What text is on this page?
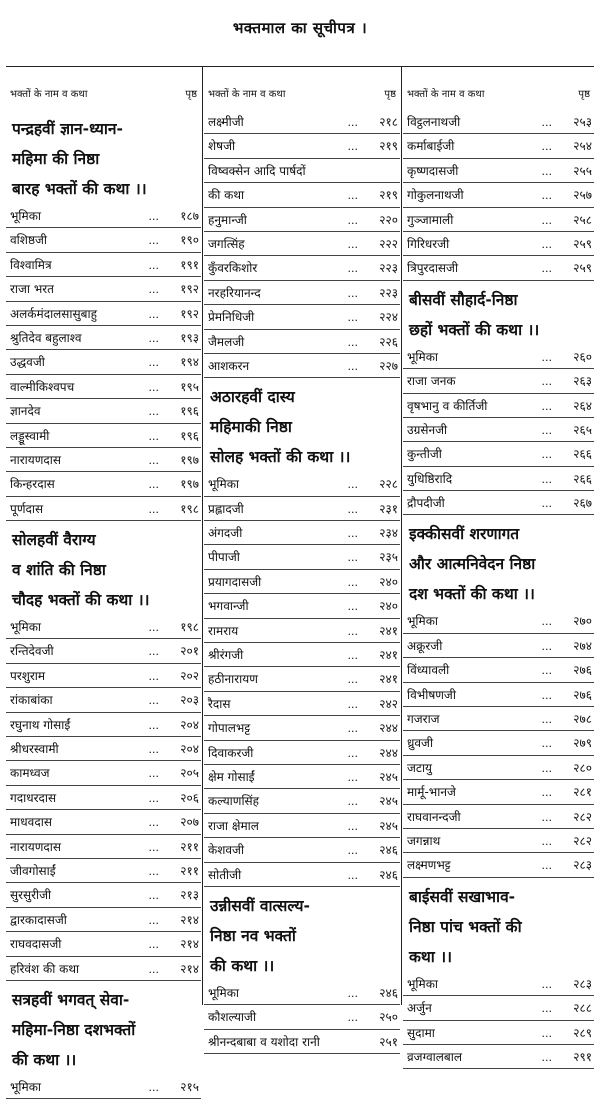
भक्तमाल का सूचीपत्र ।
भक्तों के नाम व कथा	पृष्ठ
पन्द्रहवीं ज्ञान-ध्यान-
महिमा की निष्ठा
बारह भक्तों की कथा ।।
भूमिका	...	१८७
वशिष्ठजी	...	१९०
विश्वामित्र	...	१९१
राजा भरत	...	१९२
अलर्कमंदालसासुबाहु	...	१९२
श्रुतिदेव बहुलाश्व	...	१९३
उद्धवजी	...	१९४
वाल्मीकिश्वपच	...	१९५
ज्ञानदेव	...	१९६
लड्डूस्वामी	...	१९६
नारायणदास	...	१९७
किन्हरदास	...	१९७
पूर्णदास	...	१९८
सोलहवीं वैराग्य
व शांति की निष्ठा
चौदह भक्तों की कथा ।।
भूमिका	...	१९८
रन्तिदेवजी	...	२०१
परशुराम	...	२०२
रांकाबांका	...	२०३
रघुनाथ गोसाईं	...	२०४
श्रीधरस्वामी	...	२०४
कामध्वज	...	२०५
गदाधरदास	...	२०६
माधवदास	...	२०७
नारायणदास	...	२११
जीवगोसाईं	...	२११
सुरसुरीजी	...	२१३
द्वारकादासजी	...	२१४
राघवदासजी	...	२१४
हरिवंश की कथा	...	२१४
सत्रहवीं भगवत् सेवा-
महिमा-निष्ठा दशभक्तों
की कथा ।।
भूमिका	...	२१५
भक्तों के नाम व कथा	पृष्ठ
लक्ष्मीजी	...	२१८
शेषजी	...	२१९
विष्वक्सेन आदि पार्षदों
की कथा	...	२१९
हनुमान्जी	...	२२०
जगत्सिंह	...	२२२
कुँवरकिशोर	...	२२३
नरहरियानन्द	...	२२३
प्रेमनिधिजी	...	२२४
जैमलजी	...	२२६
आशकरन	...	२२७
अठारहवीं दास्य
महिमाकी निष्ठा
सोलह भक्तों की कथा ।।
भूमिका	...	२२८
प्रह्लादजी	...	२३१
अंगदजी	...	२३४
पीपाजी	...	२३५
प्रयागदासजी	...	२४०
भगवान्जी	...	२४०
रामराय	...	२४१
श्रीरंगजी	...	२४१
हठीनारायण	...	२४१
रैदास	...	२४२
गोपालभट्ट	...	२४४
दिवाकरजी	...	२४४
क्षेम गोसाईं	...	२४५
कल्याणसिंह	...	२४५
राजा क्षेमाल	...	२४५
केशवजी	...	२४६
सोतीजी	...	२४६
उन्नीसवीं वात्सल्य-
निष्ठा नव भक्तों
की कथा ।।
भूमिका	...	२४६
कौशल्याजी	...	२५०
श्रीनन्दबाबा व यशोदा रानी	२५१
भक्तों के नाम व कथा	पृष्ठ
विट्ठलनाथजी	...	२५३
कर्माबाईजी	...	२५४
कृष्णदासजी	...	२५५
गोकुलनाथजी	...	२५७
गुञ्जामाली	...	२५८
गिरिधरजी	...	२५९
त्रिपुरदासजी	...	२५९
बीसवीं सौहार्द-निष्ठा
छहों भक्तों की कथा ।।
भूमिका	...	२६०
राजा जनक	...	२६३
वृषभानु व कीर्तिजी	...	२६४
उग्रसेनजी	...	२६५
कुन्तीजी	...	२६६
युधिष्ठिरादि	...	२६६
द्रौपदीजी	...	२६७
इक्कीसवीं शरणागत
और आत्मनिवेदन निष्ठा
दश भक्तों की कथा ।।
भूमिका	...	२७०
अक्रूरजी	...	२७४
विंध्यावली	...	२७६
विभीषणजी	...	२७६
गजराज	...	२७८
ध्रुवजी	...	२७९
जटायु	...	२८०
मार्मू-भानजे	...	२८१
राघवानन्दजी	...	२८२
जगन्नाथ	...	२८२
लक्ष्मणभट्ट	...	२८३
बाईसवीं सखाभाव-
निष्ठा पांच भक्तों की
कथा ।।
भूमिका	...	२८३
अर्जुन	...	२८८
सुदामा	...	२८९
व्रजग्वालबाल	...	२९१
